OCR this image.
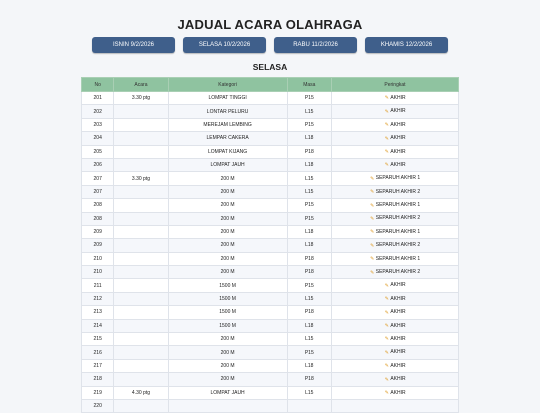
JADUAL ACARA OLAHRAGA
ISNIN 9/2/2026	SELASA 10/2/2026	RABU 11/2/2026	KHAMIS 12/2/2026
SELASA
No	Acara	Kategori	Masa	Peringkat
201	3.30 ptg	LOMPAT TINGGI	P15	✎AKHIR
202		LONTAR PELURU	L15	✎AKHIR
203		MEREJAM LEMBING	P15	✎AKHIR
204		LEMPAR CAKERA	L18	✎AKHIR
205		LOMPAT KIJANG	P18	✎AKHIR
206		LOMPAT JAUH	L18	✎AKHIR
207	3.30 ptg	200 M	L15	✎SEPARUH AKHIR 1
207		200 M	L15	✎SEPARUH AKHIR 2
208		200 M	P15	✎SEPARUH AKHIR 1
208		200 M	P15	✎SEPARUH AKHIR 2
209		200 M	L18	✎SEPARUH AKHIR 1
209		200 M	L18	✎SEPARUH AKHIR 2
210		200 M	P18	✎SEPARUH AKHIR 1
210		200 M	P18	✎SEPARUH AKHIR 2
211		1500 M	P15	✎AKHIR
212		1500 M	L15	✎AKHIR
213		1500 M	P18	✎AKHIR
214		1500 M	L18	✎AKHIR
215		200 M	L15	✎AKHIR
216		200 M	P15	✎AKHIR
217		200 M	L18	✎AKHIR
218		200 M	P18	✎AKHIR
219	4.30 ptg	LOMPAT JAUH	L15	✎AKHIR
220				
